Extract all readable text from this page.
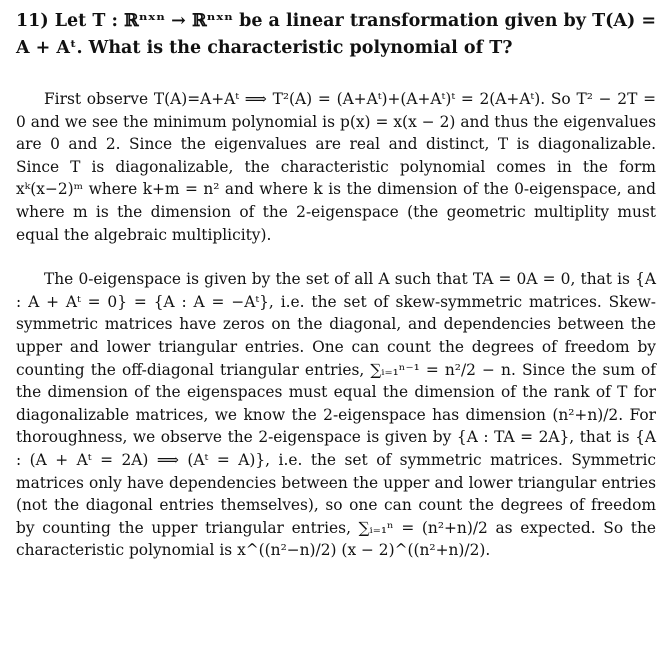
11) Let T : ℝⁿˣⁿ → ℝⁿˣⁿ be a linear transformation given by T(A) = A + Aᵗ. What is the characteristic polynomial of T?

First observe T(A)=A+Aᵗ ⟹ T²(A) = (A+Aᵗ)+(A+Aᵗ)ᵗ = 2(A+Aᵗ). So T² − 2T = 0 and we see the minimum polynomial is p(x) = x(x − 2) and thus the eigenvalues are 0 and 2. Since the eigenvalues are real and distinct, T is diagonalizable. Since T is diagonalizable, the characteristic polynomial comes in the form xᵏ(x−2)ᵐ where k+m = n² and where k is the dimension of the 0-eigenspace, and where m is the dimension of the 2-eigenspace (the geometric multiplity must equal the algebraic multiplicity).

The 0-eigenspace is given by the set of all A such that TA = 0A = 0, that is {A : A + Aᵗ = 0} = {A : A = −Aᵗ}, i.e. the set of skew-symmetric matrices. Skew-symmetric matrices have zeros on the diagonal, and dependencies between the upper and lower triangular entries. One can count the degrees of freedom by counting the off-diagonal triangular entries, ∑ᵢ₌₁ⁿ⁻¹ = n²/2 − n. Since the sum of the dimension of the eigenspaces must equal the dimension of the rank of T for diagonalizable matrices, we know the 2-eigenspace has dimension (n²+n)/2. For thoroughness, we observe the 2-eigenspace is given by {A : TA = 2A}, that is {A : (A + Aᵗ = 2A) ⟹ (Aᵗ = A)}, i.e. the set of symmetric matrices. Symmetric matrices only have dependencies between the upper and lower triangular entries (not the diagonal entries themselves), so one can count the degrees of freedom by counting the upper triangular entries, ∑ᵢ₌₁ⁿ = (n²+n)/2 as expected. So the characteristic polynomial is x^((n²−n)/2) (x − 2)^((n²+n)/2).
